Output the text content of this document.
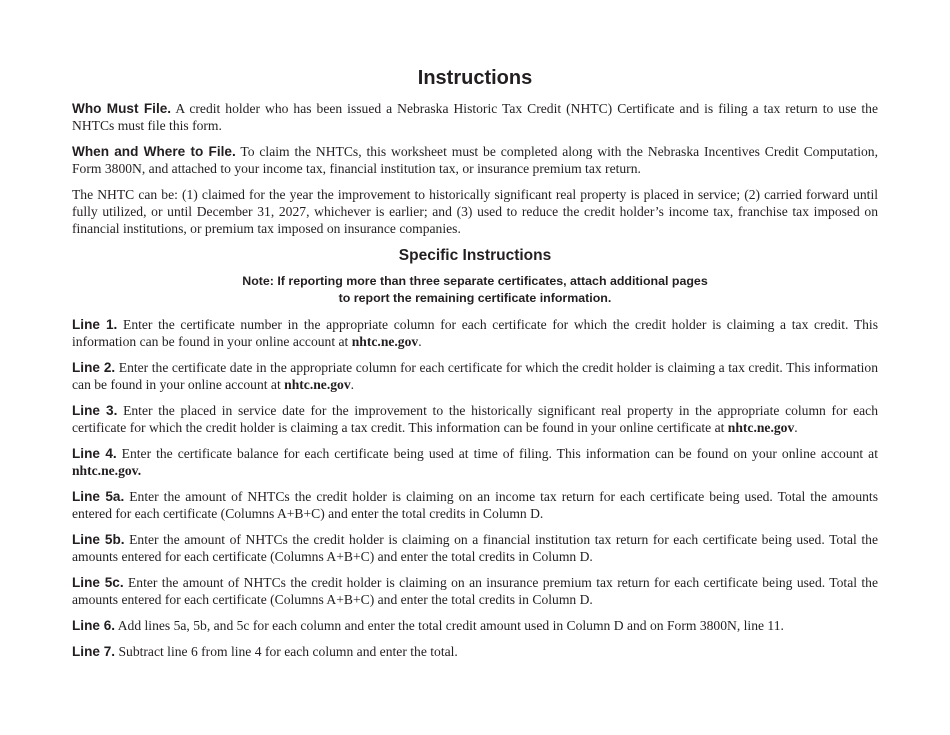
Instructions

Who Must File. A credit holder who has been issued a Nebraska Historic Tax Credit (NHTC) Certificate and is filing a tax return to use the NHTCs must file this form.

When and Where to File. To claim the NHTCs, this worksheet must be completed along with the Nebraska Incentives Credit Computation, Form 3800N, and attached to your income tax, financial institution tax, or insurance premium tax return.

The NHTC can be: (1) claimed for the year the improvement to historically significant real property is placed in service; (2) carried forward until fully utilized, or until December 31, 2027, whichever is earlier; and (3) used to reduce the credit holder’s income tax, franchise tax imposed on financial institutions, or premium tax imposed on insurance companies.

Specific Instructions
Note: If reporting more than three separate certificates, attach additional pages
to report the remaining certificate information.

Line 1. Enter the certificate number in the appropriate column for each certificate for which the credit holder is claiming a tax credit. This information can be found in your online account at nhtc.ne.gov.

Line 2. Enter the certificate date in the appropriate column for each certificate for which the credit holder is claiming a tax credit. This information can be found in your online account at nhtc.ne.gov.

Line 3. Enter the placed in service date for the improvement to the historically significant real property in the appropriate column for each certificate for which the credit holder is claiming a tax credit. This information can be found in your online certificate at nhtc.ne.gov.

Line 4. Enter the certificate balance for each certificate being used at time of filing. This information can be found on your online account at nhtc.ne.gov.

Line 5a. Enter the amount of NHTCs the credit holder is claiming on an income tax return for each certificate being used. Total the amounts entered for each certificate (Columns A+B+C) and enter the total credits in Column D.

Line 5b. Enter the amount of NHTCs the credit holder is claiming on a financial institution tax return for each certificate being used. Total the amounts entered for each certificate (Columns A+B+C) and enter the total credits in Column D.

Line 5c. Enter the amount of NHTCs the credit holder is claiming on an insurance premium tax return for each certificate being used. Total the amounts entered for each certificate (Columns A+B+C) and enter the total credits in Column D.

Line 6. Add lines 5a, 5b, and 5c for each column and enter the total credit amount used in Column D and on Form 3800N, line 11.

Line 7. Subtract line 6 from line 4 for each column and enter the total.
